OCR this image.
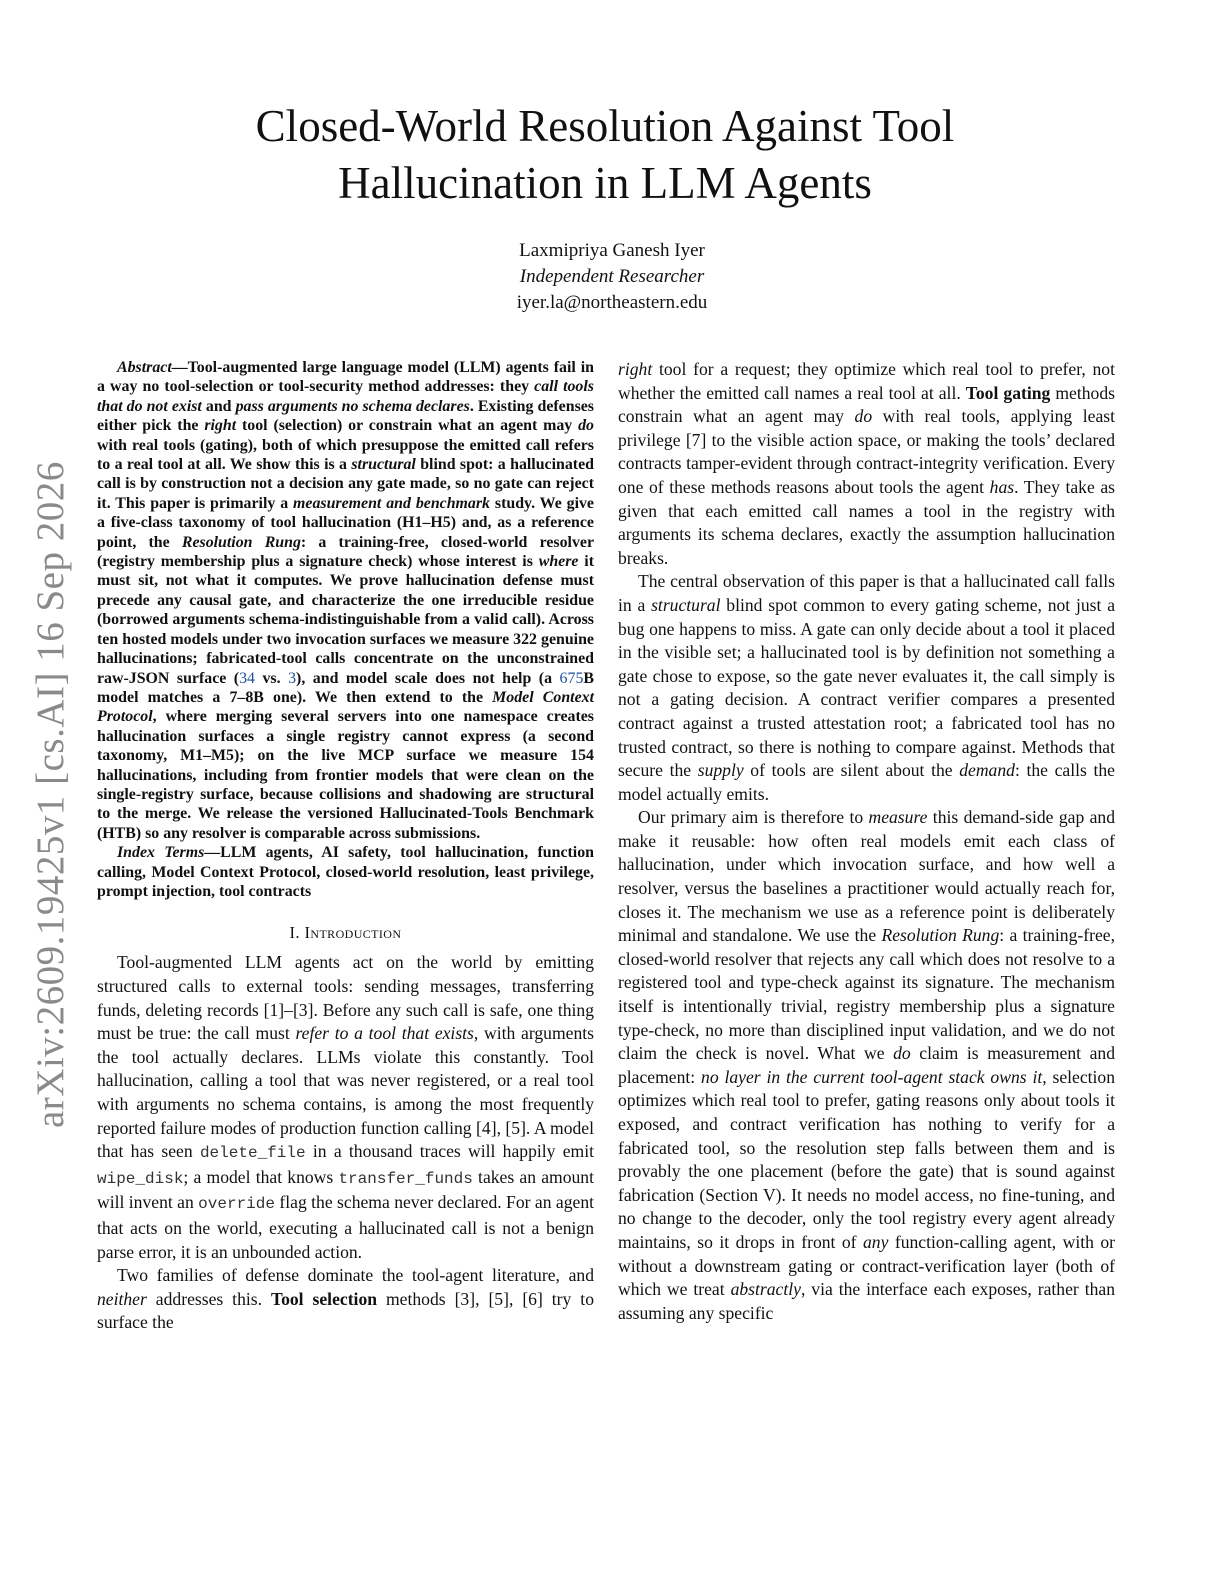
Closed-World Resolution Against Tool
Hallucination in LLM Agents
Laxmipriya Ganesh Iyer
Independent Researcher
iyer.la@northeastern.edu
arXiv:2609.19425v1 [cs.AI] 16 Sep 2026

Abstract—Tool-augmented large language model (LLM) agents fail in a way no tool-selection or tool-security method addresses: they call tools that do not exist and pass arguments no schema declares. Existing defenses either pick the right tool (selection) or constrain what an agent may do with real tools (gating), both of which presuppose the emitted call refers to a real tool at all. We show this is a structural blind spot: a hallucinated call is by construction not a decision any gate made, so no gate can reject it. This paper is primarily a measurement and benchmark study. We give a five-class taxonomy of tool hallucination (H1–H5) and, as a reference point, the Resolution Rung: a training-free, closed-world resolver (registry membership plus a signature check) whose interest is where it must sit, not what it computes. We prove hallucination defense must precede any causal gate, and characterize the one irreducible residue (borrowed arguments schema-indistinguishable from a valid call). Across ten hosted models under two invocation surfaces we measure 322 genuine hallucinations; fabricated-tool calls concentrate on the unconstrained raw-JSON surface (34 vs. 3), and model scale does not help (a 675B model matches a 7–8B one). We then extend to the Model Context Protocol, where merging several servers into one namespace creates hallucination surfaces a single registry cannot express (a second taxonomy, M1–M5); on the live MCP surface we measure 154 hallucinations, including from frontier models that were clean on the single-registry surface, because collisions and shadowing are structural to the merge. We release the versioned Hallucinated-Tools Benchmark (HTB) so any resolver is comparable across submissions.

Index Terms—LLM agents, AI safety, tool hallucination, function calling, Model Context Protocol, closed-world resolution, least privilege, prompt injection, tool contracts

I. Introduction

Tool-augmented LLM agents act on the world by emitting structured calls to external tools: sending messages, transferring funds, deleting records [1]–[3]. Before any such call is safe, one thing must be true: the call must refer to a tool that exists, with arguments the tool actually declares. LLMs violate this constantly. Tool hallucination, calling a tool that was never registered, or a real tool with arguments no schema contains, is among the most frequently reported failure modes of production function calling [4], [5]. A model that has seen delete_file in a thousand traces will happily emit wipe_disk; a model that knows transfer_funds takes an amount will invent an override flag the schema never declared. For an agent that acts on the world, executing a hallucinated call is not a benign parse error, it is an unbounded action.

Two families of defense dominate the tool-agent literature, and neither addresses this. Tool selection methods [3], [5], [6] try to surface the

right tool for a request; they optimize which real tool to prefer, not whether the emitted call names a real tool at all. Tool gating methods constrain what an agent may do with real tools, applying least privilege [7] to the visible action space, or making the tools’ declared contracts tamper-evident through contract-integrity verification. Every one of these methods reasons about tools the agent has. They take as given that each emitted call names a tool in the registry with arguments its schema declares, exactly the assumption hallucination breaks.

The central observation of this paper is that a hallucinated call falls in a structural blind spot common to every gating scheme, not just a bug one happens to miss. A gate can only decide about a tool it placed in the visible set; a hallucinated tool is by definition not something a gate chose to expose, so the gate never evaluates it, the call simply is not a gating decision. A contract verifier compares a presented contract against a trusted attestation root; a fabricated tool has no trusted contract, so there is nothing to compare against. Methods that secure the supply of tools are silent about the demand: the calls the model actually emits.

Our primary aim is therefore to measure this demand-side gap and make it reusable: how often real models emit each class of hallucination, under which invocation surface, and how well a resolver, versus the baselines a practitioner would actually reach for, closes it. The mechanism we use as a reference point is deliberately minimal and standalone. We use the Resolution Rung: a training-free, closed-world resolver that rejects any call which does not resolve to a registered tool and type-check against its signature. The mechanism itself is intentionally trivial, registry membership plus a signature type-check, no more than disciplined input validation, and we do not claim the check is novel. What we do claim is measurement and placement: no layer in the current tool-agent stack owns it, selection optimizes which real tool to prefer, gating reasons only about tools it exposed, and contract verification has nothing to verify for a fabricated tool, so the resolution step falls between them and is provably the one placement (before the gate) that is sound against fabrication (Section V). It needs no model access, no fine-tuning, and no change to the decoder, only the tool registry every agent already maintains, so it drops in front of any function-calling agent, with or without a downstream gating or contract-verification layer (both of which we treat abstractly, via the interface each exposes, rather than assuming any specific
